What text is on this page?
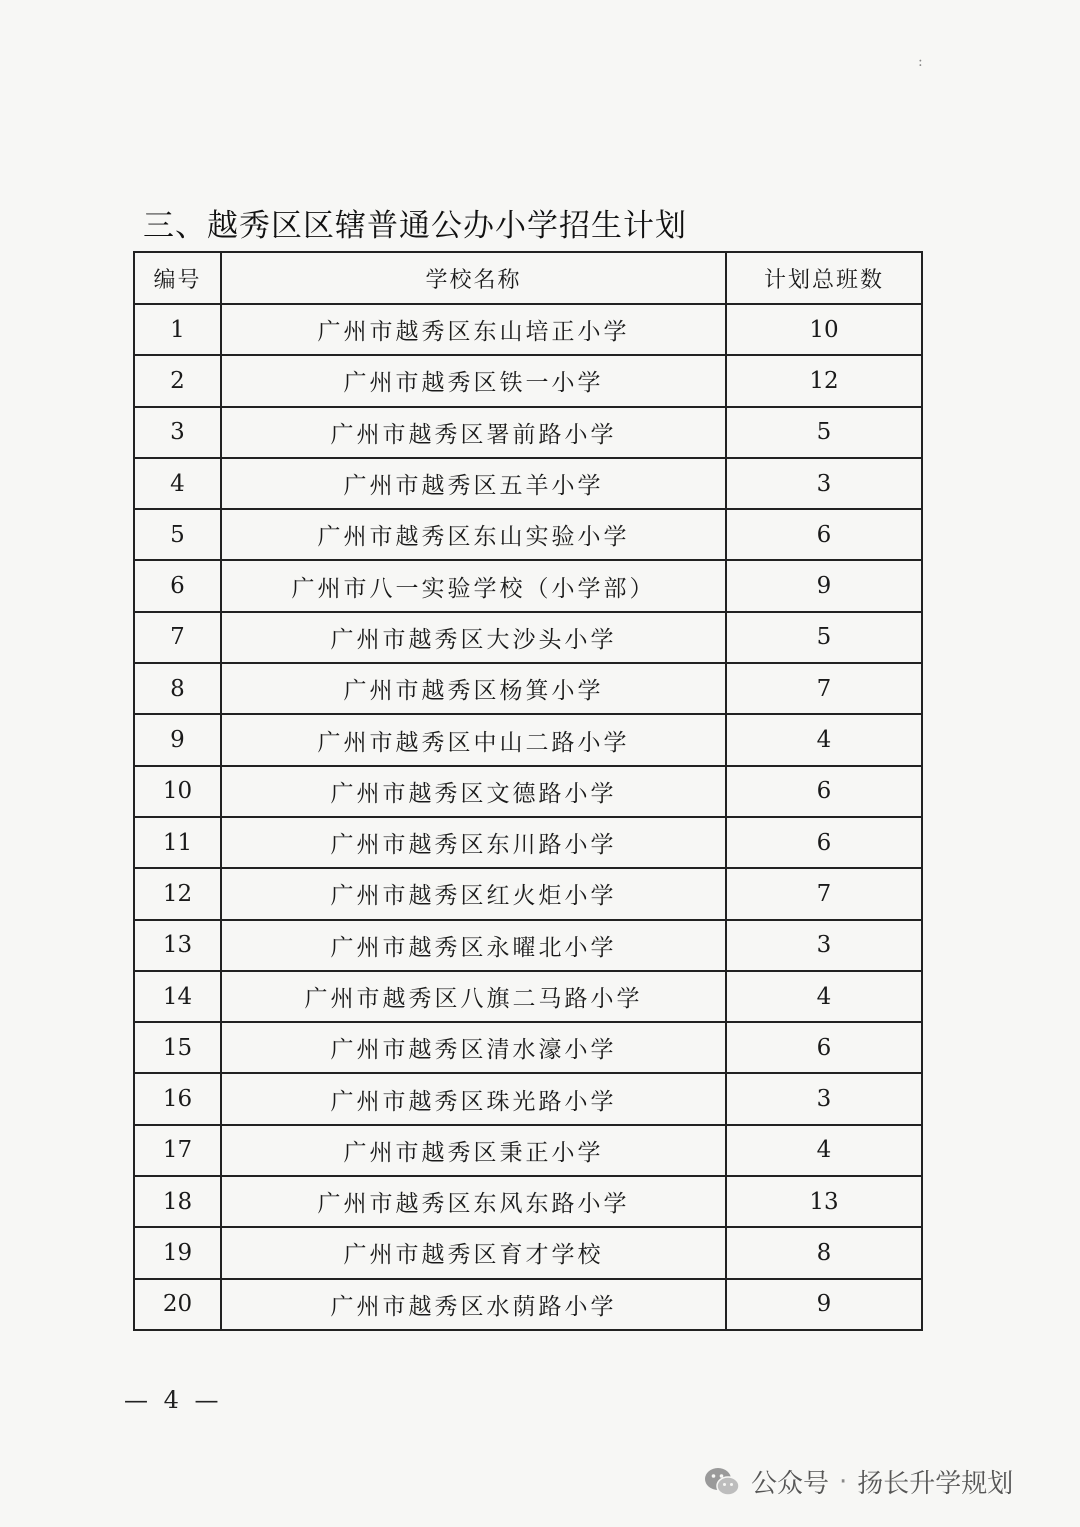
:
三、越秀区区辖普通公办小学招生计划
编号	学校名称	计划总班数
1	广州市越秀区东山培正小学	10
2	广州市越秀区铁一小学	12
3	广州市越秀区署前路小学	5
4	广州市越秀区五羊小学	3
5	广州市越秀区东山实验小学	6
6	广州市八一实验学校（小学部）	9
7	广州市越秀区大沙头小学	5
8	广州市越秀区杨箕小学	7
9	广州市越秀区中山二路小学	4
10	广州市越秀区文德路小学	6
11	广州市越秀区东川路小学	6
12	广州市越秀区红火炬小学	7
13	广州市越秀区永曜北小学	3
14	广州市越秀区八旗二马路小学	4
15	广州市越秀区清水濠小学	6
16	广州市越秀区珠光路小学	3
17	广州市越秀区秉正小学	4
18	广州市越秀区东风东路小学	13
19	广州市越秀区育才学校	8
20	广州市越秀区水荫路小学	9
— 4 —
公众号 · 扬长升学规划
